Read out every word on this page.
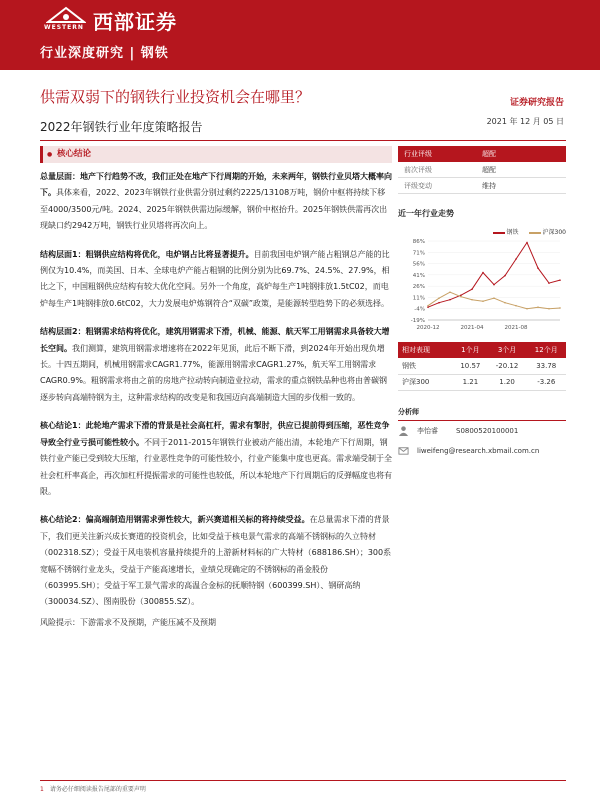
WESTERN 西部证券
行业深度研究 | 钢铁
供需双弱下的钢铁行业投资机会在哪里？	证券研究报告
2022年钢铁行业年度策略报告	2021 年 12 月 05 日
● 核心结论

总量层面：地产下行趋势不改，我们正处在地产下行周期的开始，未来两年，钢铁行业贝塔大概率向下。具体来看，2022、2023年钢铁行业供需分别过剩约2225/13108万吨，钢价中枢将持续下移至4000/3500元/吨。2024、2025年钢铁供需边际缓解，钢价中枢抬升。2025年钢铁供需再次出现缺口约2942万吨，钢铁行业贝塔将再次向上。

结构层面1：粗钢供应结构将优化，电炉钢占比将显著提升。目前我国电炉钢产能占粗钢总产能的比例仅为10.4%，而美国、日本、全球电炉产能占粗钢的比例分别为比69.7%、24.5%、27.9%，相比之下，中国粗钢供应结构有较大优化空间。另外一个角度，高炉每生产1吨钢排放1.5tC02，而电炉每生产1吨钢排放0.6tC02，大力发展电炉炼钢符合“双碳”政策，是能源转型趋势下的必须选择。

结构层面2：粗钢需求结构将优化，建筑用钢需求下滑，机械、能源、航天军工用钢需求具备较大增长空间。我们测算，建筑用钢需求增速将在2022年见顶，此后不断下滑，到2024年开始出现负增长。十四五期间，机械用钢需求CAGR1.77%，能源用钢需求CAGR1.27%，航天军工用钢需求CAGR0.9%。粗钢需求将由之前的房地产拉动转向制造业拉动，需求的重点钢铁品种也将由普碳钢逐步转向高端特钢为主，这种需求结构的改变是和我国迈向高端制造大国的步伐相一致的。

核心结论1：此轮地产需求下滑的背景是社会高杠杆，需求有掣肘，供应已提前得到压缩，恶性竞争导致全行业亏损可能性较小。不同于2011-2015年钢铁行业被动产能出清，本轮地产下行周期，钢铁行业产能已受到较大压缩，行业恶性竞争的可能性较小，行业产能集中度也更高。需求端受制于全社会杠杆率高企，再次加杠杆提振需求的可能性也较低，所以本轮地产下行周期后的反弹幅度也将有限。

核心结论2：偏高端制造用钢需求弹性较大，新兴赛道相关标的将持续受益。在总量需求下滑的背景下，我们更关注新兴成长赛道的投资机会，比如受益于核电景气需求的高端不锈钢标的久立特材（002318.SZ）；受益于风电装机容量持续提升的上游新材料标的广大特材（688186.SH）；300系宽幅不锈钢行业龙头，受益于产能高速增长，业绩兑现确定的不锈钢标的甬金股份（603995.SH）；受益于军工景气需求的高温合金标的抚顺特钢（600399.SH）、钢研高纳（300034.SZ）、图南股份（300855.SZ）。

风险提示：下游需求不及预期，产能压减不及预期

行业评级	超配
前次评级	超配
评级变动	维持
近一年行业走势
钢铁	沪深300
86%
71%
56%
41%
26%
11%
-4%
-19%
2020-12	2021-04	2021-08
相对表现	1个月	3个月	12个月
钢铁	10.57	-20.12	33.78
沪深300	1.21	1.20	-3.26
分析师
李怡睿	S0800520100001
liweifeng@research.xbmail.com.cn
1 请务必仔细阅读报告尾部的重要声明
